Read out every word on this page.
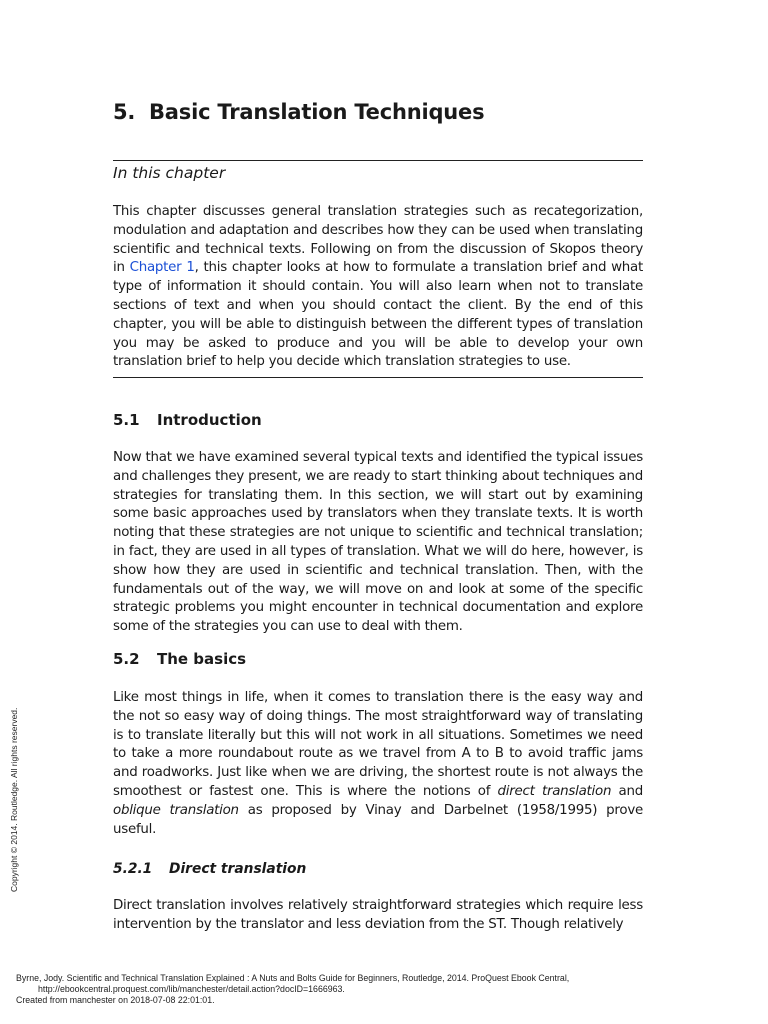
5. Basic Translation Techniques
In this chapter

This chapter discusses general translation strategies such as recategorization, modulation and adaptation and describes how they can be used when translating scientific and technical texts. Following on from the discussion of Skopos theory in Chapter 1, this chapter looks at how to formulate a translation brief and what type of information it should contain. You will also learn when not to translate sections of text and when you should contact the client. By the end of this chapter, you will be able to distinguish between the different types of translation you may be asked to produce and you will be able to develop your own translation brief to help you decide which translation strategies to use.

5.1 Introduction

Now that we have examined several typical texts and identified the typical issues and challenges they present, we are ready to start thinking about techniques and strategies for translating them. In this section, we will start out by examining some basic approaches used by translators when they translate texts. It is worth noting that these strategies are not unique to scientific and technical translation; in fact, they are used in all types of translation. What we will do here, however, is show how they are used in scientific and technical translation. Then, with the fundamentals out of the way, we will move on and look at some of the specific strategic problems you might encounter in technical documentation and explore some of the strategies you can use to deal with them.

5.2 The basics

Like most things in life, when it comes to translation there is the easy way and the not so easy way of doing things. The most straightforward way of translating is to translate literally but this will not work in all situations. Sometimes we need to take a more roundabout route as we travel from A to B to avoid traffic jams and roadworks. Just like when we are driving, the shortest route is not always the smoothest or fastest one. This is where the notions of direct translation and oblique translation as proposed by Vinay and Darbelnet (1958/1995) prove useful.

5.2.1 Direct translation

Direct translation involves relatively straightforward strategies which require less intervention by the translator and less deviation from the ST. Though relatively

Copyright © 2014. Routledge. All rights reserved.
Byrne, Jody. Scientific and Technical Translation Explained : A Nuts and Bolts Guide for Beginners, Routledge, 2014. ProQuest Ebook Central,
http://ebookcentral.proquest.com/lib/manchester/detail.action?docID=1666963.
Created from manchester on 2018-07-08 22:01:01.
